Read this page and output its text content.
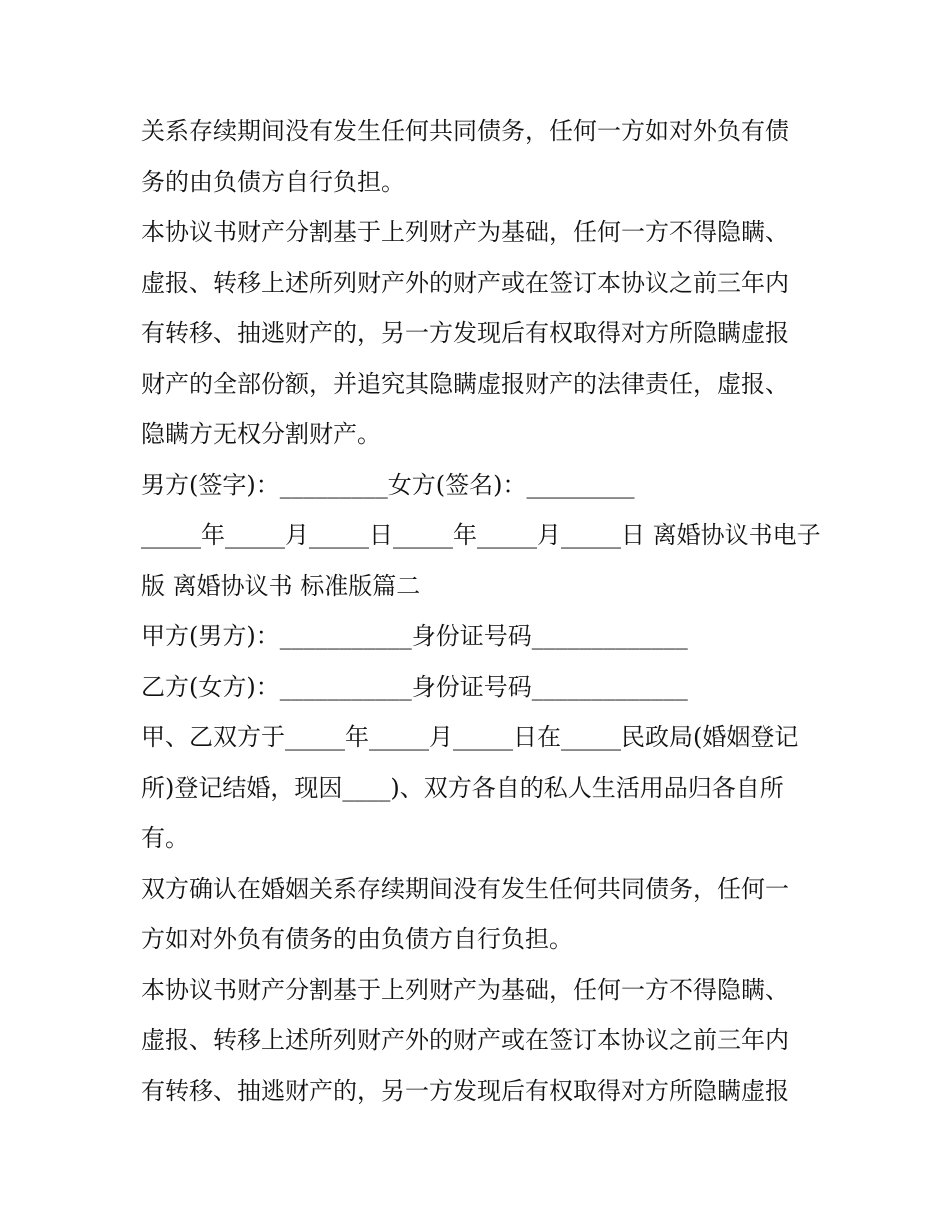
关系存续期间没有发生任何共同债务，任何一方如对外负有债
务的由负债方自行负担。
本协议书财产分割基于上列财产为基础，任何一方不得隐瞒、
虚报、转移上述所列财产外的财产或在签订本协议之前三年内
有转移、抽逃财产的，另一方发现后有权取得对方所隐瞒虚报
财产的全部份额，并追究其隐瞒虚报财产的法律责任，虚报、
隐瞒方无权分割财产。
男方(签字)：_________女方(签名)：_________
_____年_____月_____日_____年_____月_____日 离婚协议书电子
版 离婚协议书 标准版篇二
甲方(男方)：___________身份证号码_____________
乙方(女方)：___________身份证号码_____________
甲、乙双方于_____年_____月_____日在_____民政局(婚姻登记
所)登记结婚，现因____)、双方各自的私人生活用品归各自所
有。
双方确认在婚姻关系存续期间没有发生任何共同债务，任何一
方如对外负有债务的由负债方自行负担。
本协议书财产分割基于上列财产为基础，任何一方不得隐瞒、
虚报、转移上述所列财产外的财产或在签订本协议之前三年内
有转移、抽逃财产的，另一方发现后有权取得对方所隐瞒虚报
